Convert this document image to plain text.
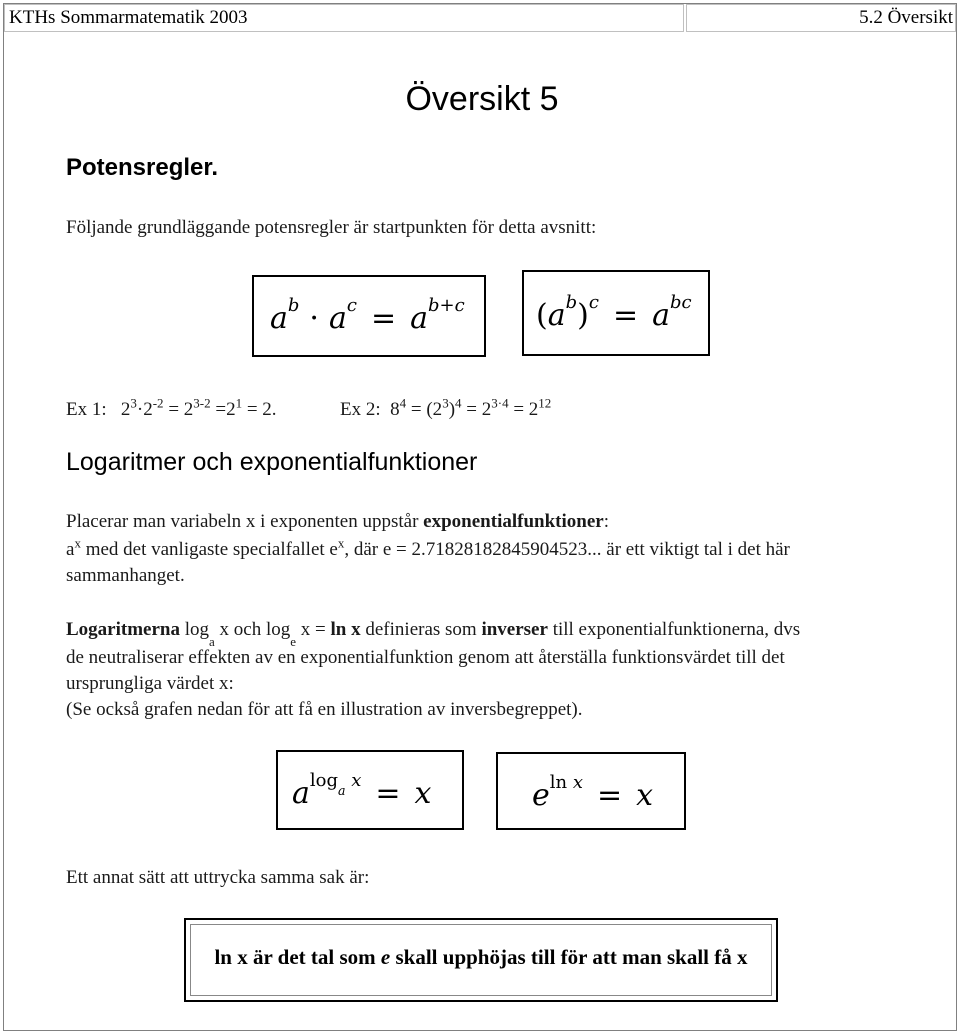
KTHs Sommarmatematik 2003	5.2 Översikt
Översikt 5
Potensregler.
Följande grundläggande potensregler är startpunkten för detta avsnitt:
$a^b \cdot a^c = a^{b+c}$ $(a^b)^c = a^{bc}$
Ex 1:   $2^3\cdot 2^{-2} = 2^{3-2} =2^1 = 2$.	Ex 2:  $8^4 = (2^3)^4 = 2^{3\cdot 4} = 2^{12}$
Logaritmer och exponentialfunktioner
Placerar man variabeln x i exponenten uppstår exponentialfunktioner:
$a^x$ med det vanligaste specialfallet $e^x$, där e = 2.71828182845904523... är ett viktigt tal i det här
sammanhanget.
Logaritmerna $\log_a x$ och $\log_e x = \ln x$ definieras som inverser till exponentialfunktionerna, dvs
de neutraliserar effekten av en exponentialfunktion genom att återställa funktionsvärdet till det
ursprungliga värdet x:
(Se också grafen nedan för att få en illustration av inversbegreppet).
$a^{log_a x} = x$	$e^{ln x} = x$
Ett annat sätt att uttrycka samma sak är:
ln x är det tal som e skall upphöjas till för att man skall få x
